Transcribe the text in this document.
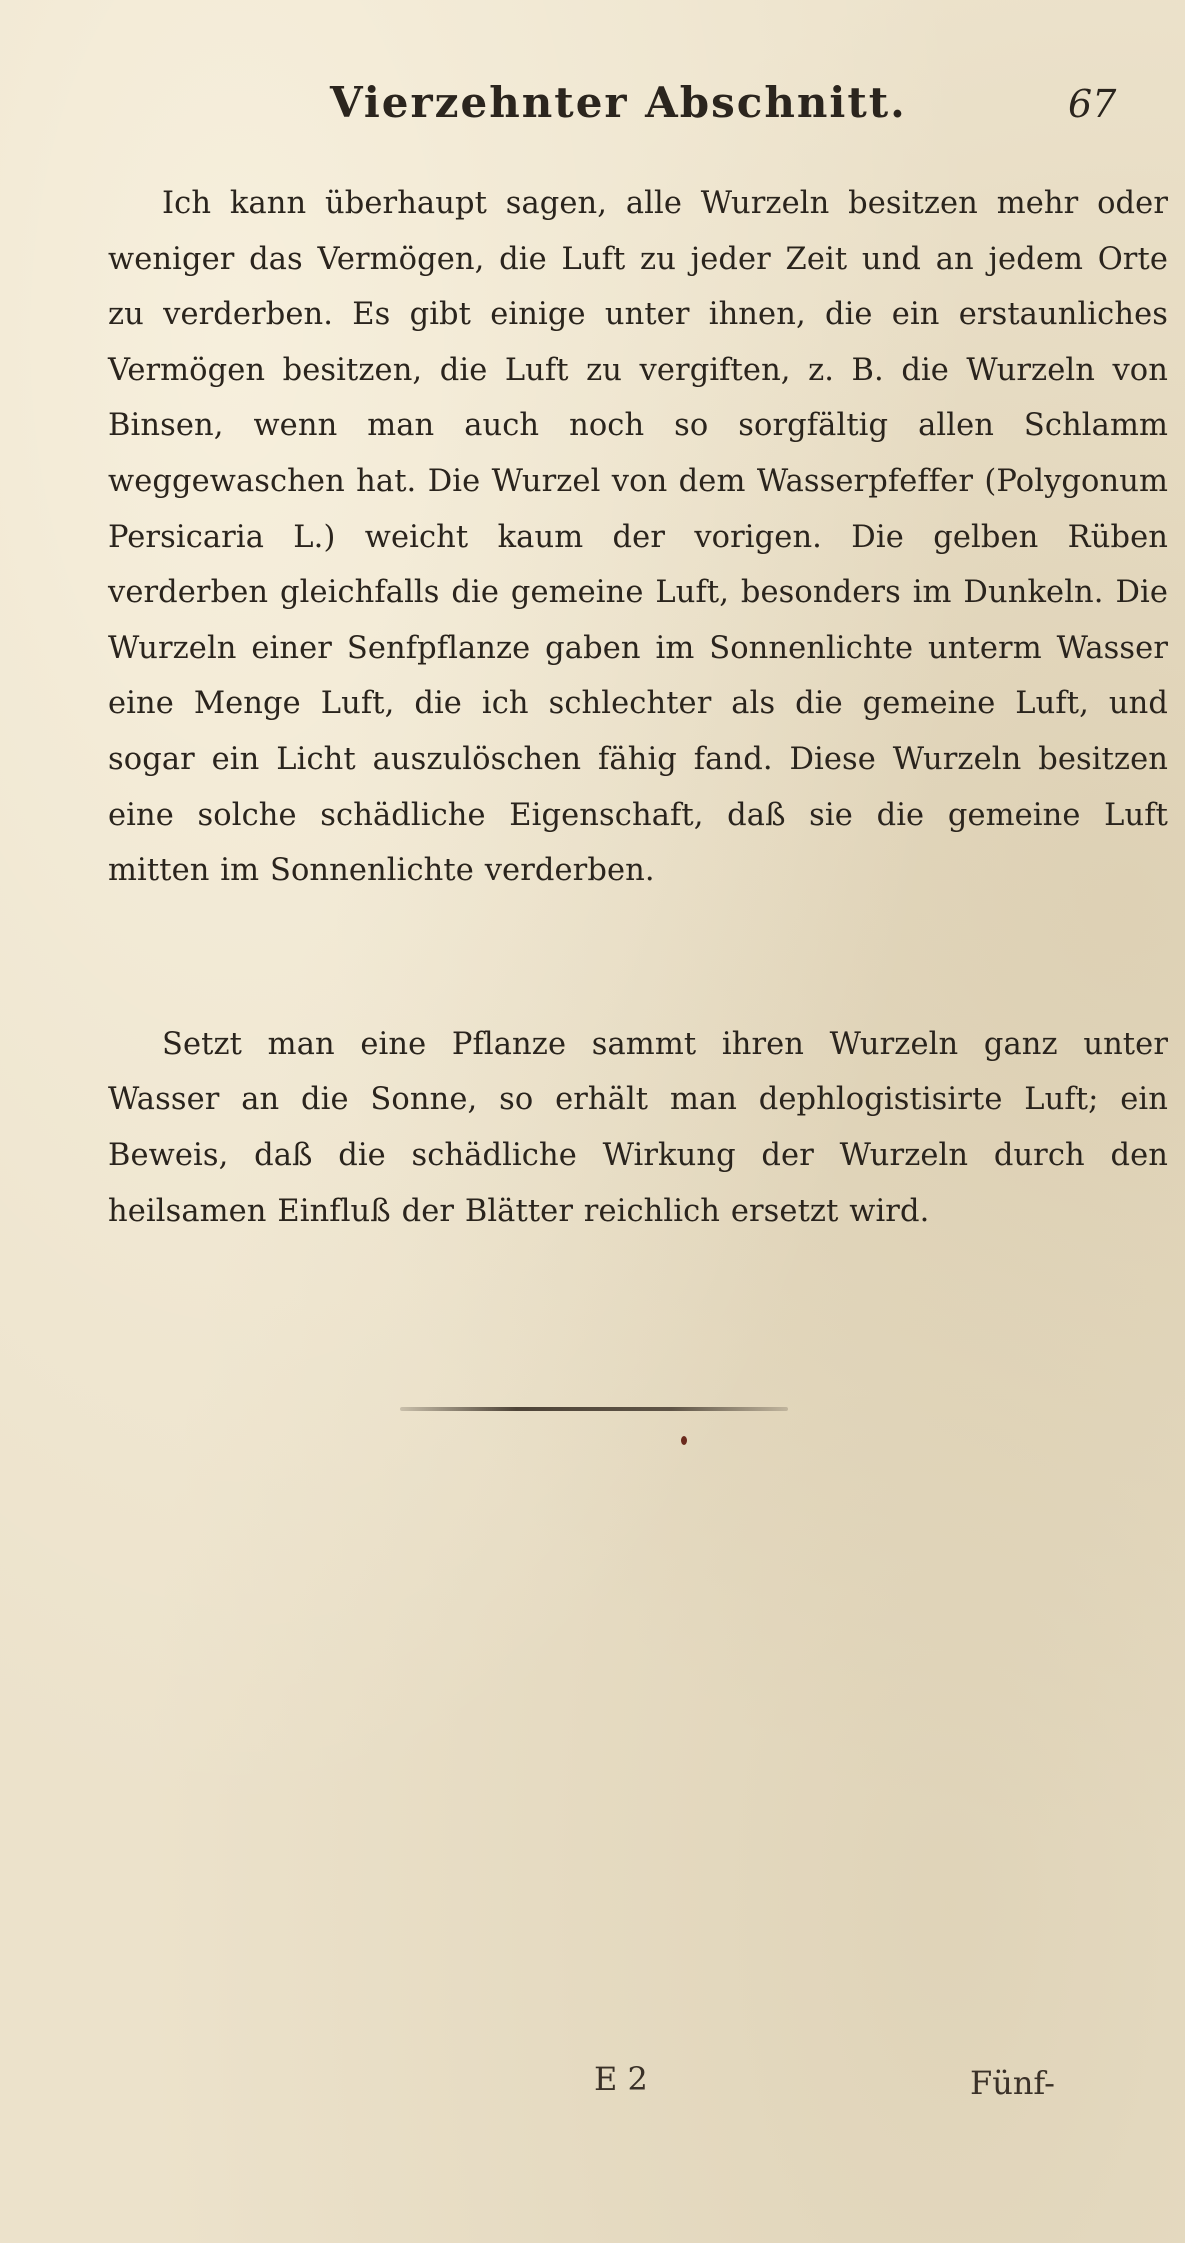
Vierzehnter Abschnitt.	67

Ich kann überhaupt sagen, alle Wurzeln besitzen mehr oder weniger das Vermögen, die Luft zu jeder Zeit und an jedem Orte zu verderben. Es gibt einige unter ihnen, die ein erstaunliches Vermögen besitzen, die Luft zu vergiften, z. B. die Wurzeln von Binsen, wenn man auch noch so sorgfältig allen Schlamm weggewaschen hat. Die Wurzel von dem Wasserpfeffer (Polygonum Persicaria L.) weicht kaum der vorigen. Die gelben Rüben verderben gleichfalls die gemeine Luft, besonders im Dunkeln. Die Wurzeln einer Senfpflanze gaben im Sonnenlichte unterm Wasser eine Menge Luft, die ich schlechter als die gemeine Luft, und sogar ein Licht auszulöschen fähig fand. Diese Wurzeln besitzen eine solche schädliche Eigenschaft, daß sie die gemeine Luft mitten im Sonnenlichte verderben.

Setzt man eine Pflanze sammt ihren Wurzeln ganz unter Wasser an die Sonne, so erhält man dephlogistisirte Luft; ein Beweis, daß die schädliche Wirkung der Wurzeln durch den heilsamen Einfluß der Blätter reichlich ersetzt wird.

E 2	Fünf-
